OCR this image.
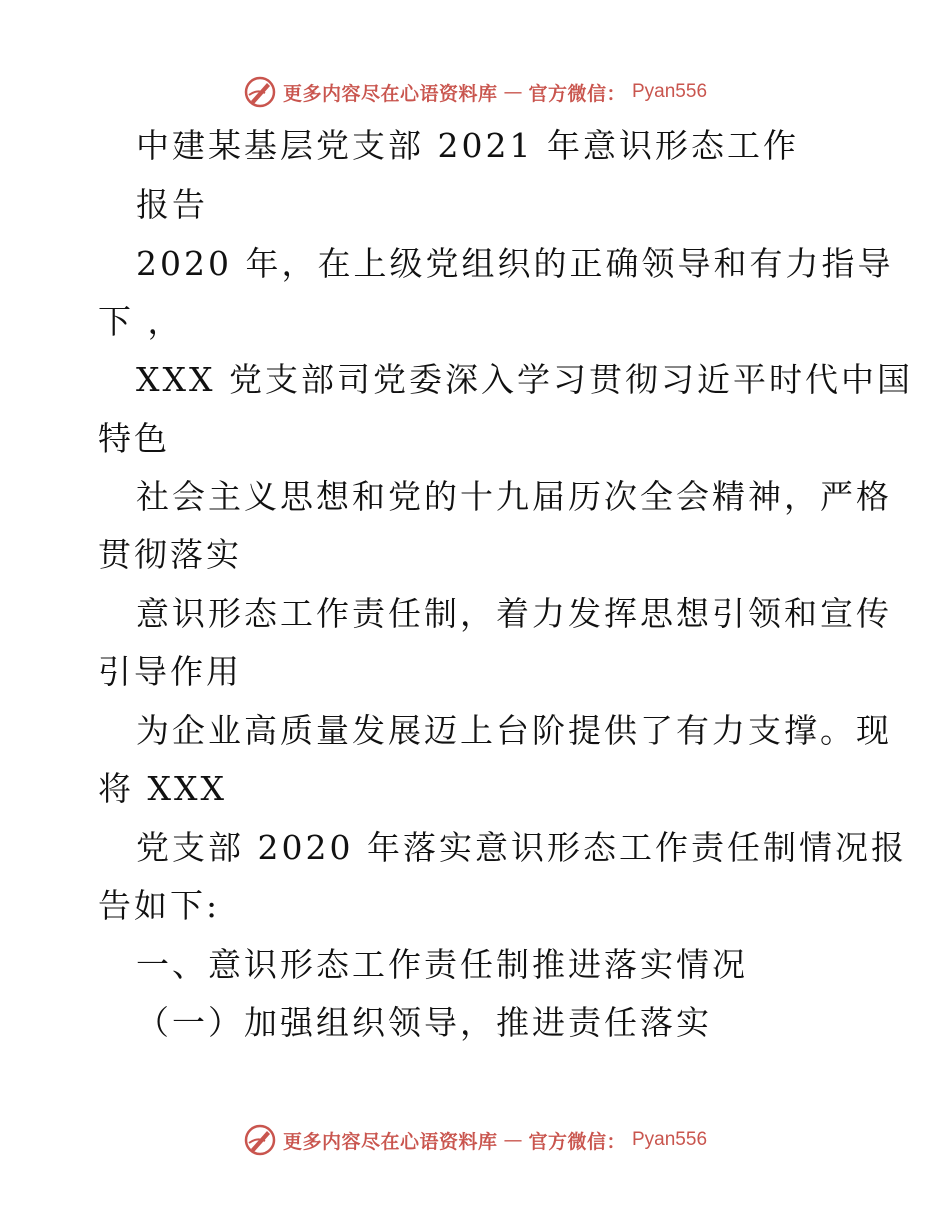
更多内容尽在心语资料库 — 官方微信： Pyan556
中建某基层党支部 2021 年意识形态工作
报告
2020 年，在上级党组织的正确领导和有力指导
下 ，
XXX 党支部司党委深入学习贯彻习近平时代中国
特色
社会主义思想和党的十九届历次全会精神，严格
贯彻落实
意识形态工作责任制，着力发挥思想引领和宣传
引导作用
为企业高质量发展迈上台阶提供了有力支撑。现
将 XXX
党支部 2020 年落实意识形态工作责任制情况报
告如下:
一、意识形态工作责任制推进落实情况
（一）加强组织领导，推进责任落实
更多内容尽在心语资料库 — 官方微信： Pyan556
